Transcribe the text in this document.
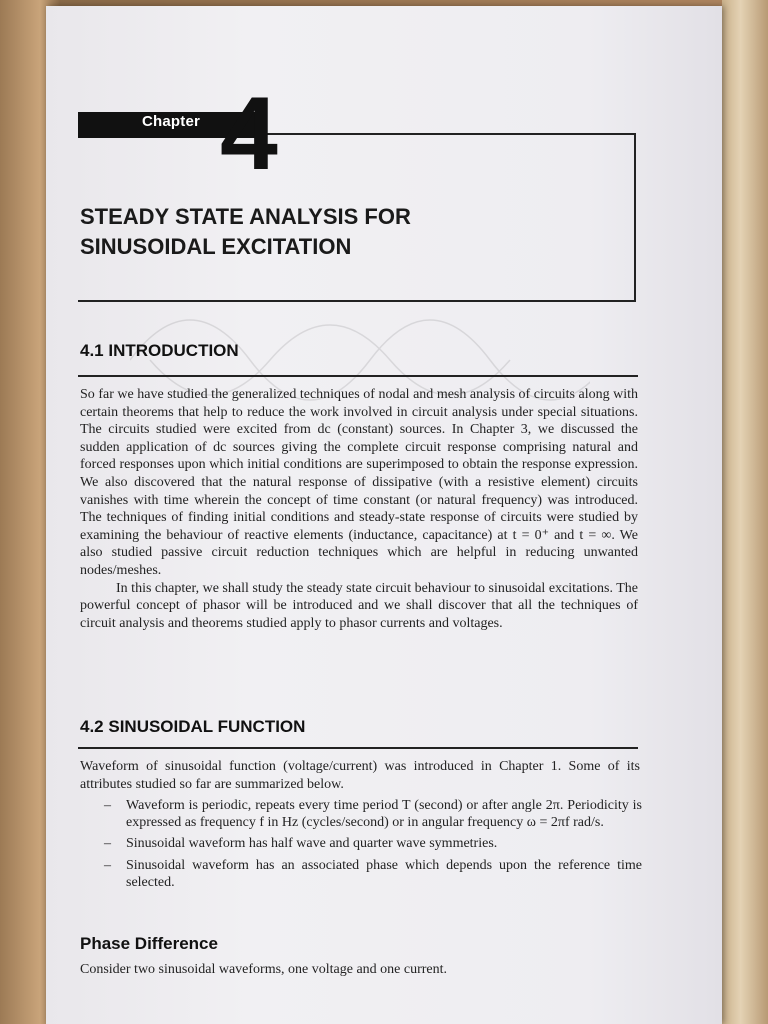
Chapter 4
STEADY STATE ANALYSIS FOR
SINUSOIDAL EXCITATION
4.1 INTRODUCTION

So far we have studied the generalized techniques of nodal and mesh analysis of circuits along with certain theorems that help to reduce the work involved in circuit analysis under special situations. The circuits studied were excited from dc (constant) sources. In Chapter 3, we discussed the sudden application of dc sources giving the complete circuit response comprising natural and forced responses upon which initial conditions are superimposed to obtain the response expression. We also discovered that the natural response of dissipative (with a resistive element) circuits vanishes with time wherein the concept of time constant (or natural frequency) was introduced. The techniques of finding initial conditions and steady-state response of circuits were studied by examining the behaviour of reactive elements (inductance, capacitance) at t = 0⁺ and t = ∞. We also studied passive circuit reduction techniques which are helpful in reducing unwanted nodes/meshes.

In this chapter, we shall study the steady state circuit behaviour to sinusoidal excitations. The powerful concept of phasor will be introduced and we shall discover that all the techniques of circuit analysis and theorems studied apply to phasor currents and voltages.

4.2 SINUSOIDAL FUNCTION

Waveform of sinusoidal function (voltage/current) was introduced in Chapter 1. Some of its attributes studied so far are summarized below.

– Waveform is periodic, repeats every time period T (second) or after angle 2π. Periodicity is expressed as frequency f in Hz (cycles/second) or in angular frequency ω = 2πf rad/s.
– Sinusoidal waveform has half wave and quarter wave symmetries.
– Sinusoidal waveform has an associated phase which depends upon the reference time selected.
Phase Difference
Consider two sinusoidal waveforms, one voltage and one current.
